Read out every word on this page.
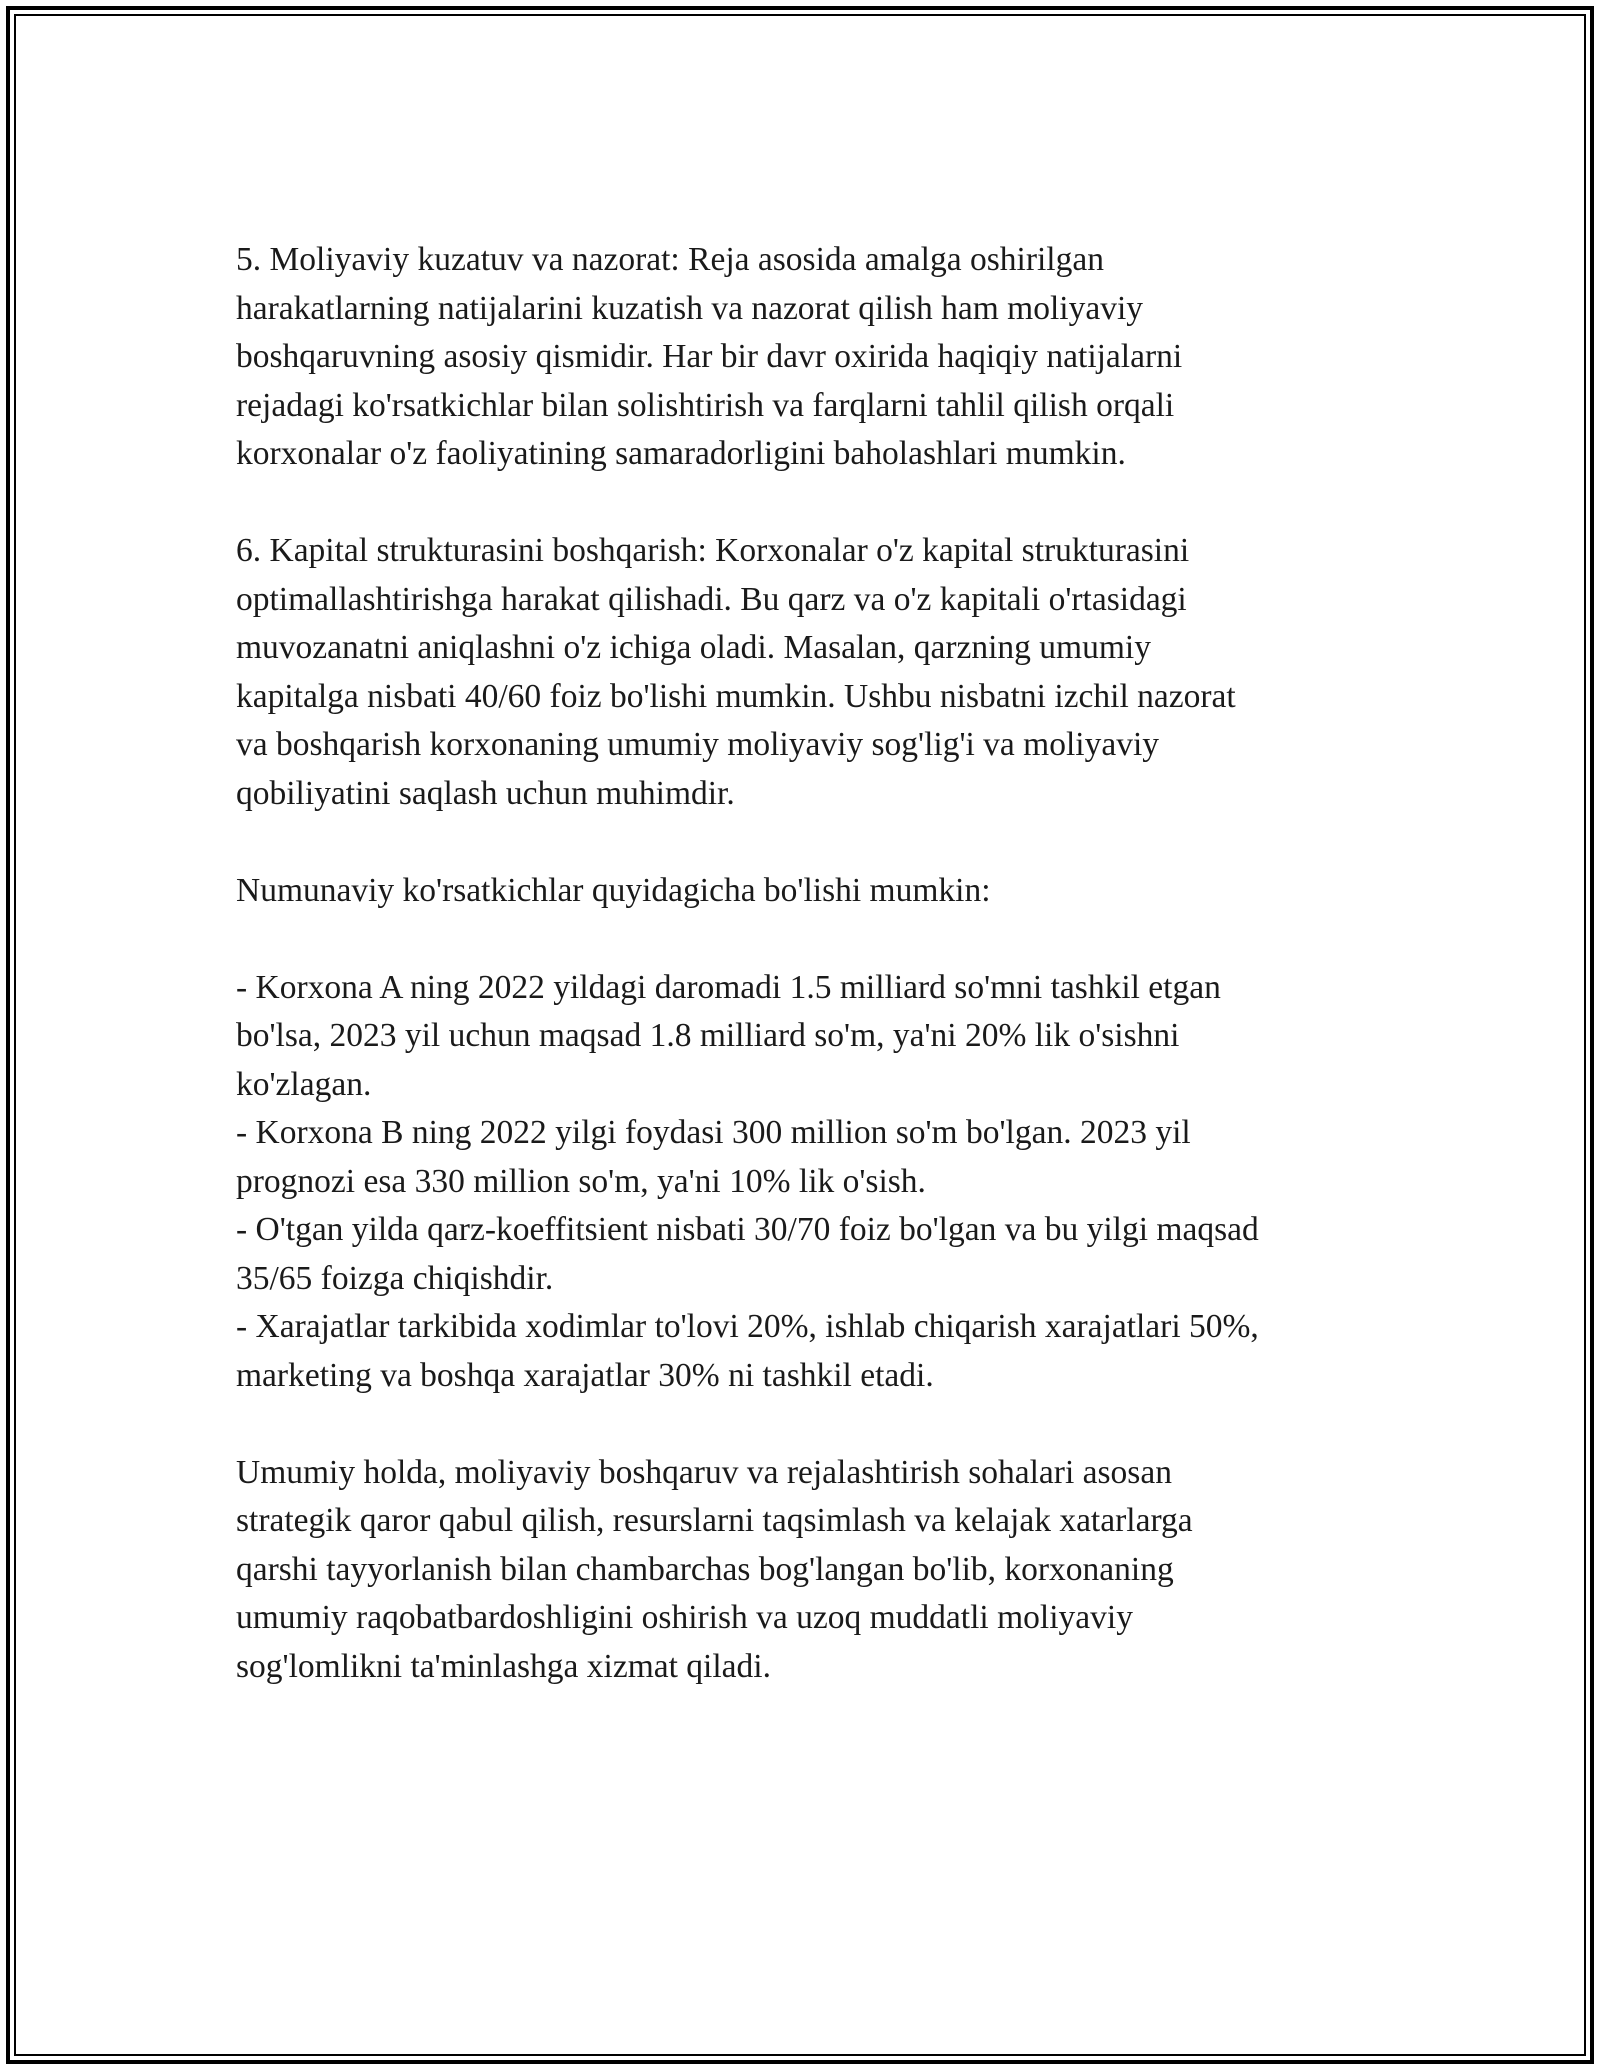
5. Moliyaviy kuzatuv va nazorat: Reja asosida amalga oshirilgan
harakatlarning natijalarini kuzatish va nazorat qilish ham moliyaviy
boshqaruvning asosiy qismidir. Har bir davr oxirida haqiqiy natijalarni
rejadagi ko'rsatkichlar bilan solishtirish va farqlarni tahlil qilish orqali
korxonalar o'z faoliyatining samaradorligini baholashlari mumkin.

6. Kapital strukturasini boshqarish: Korxonalar o'z kapital strukturasini
optimallashtirishga harakat qilishadi. Bu qarz va o'z kapitali o'rtasidagi
muvozanatni aniqlashni o'z ichiga oladi. Masalan, qarzning umumiy
kapitalga nisbati 40/60 foiz bo'lishi mumkin. Ushbu nisbatni izchil nazorat
va boshqarish korxonaning umumiy moliyaviy sog'lig'i va moliyaviy
qobiliyatini saqlash uchun muhimdir.

Numunaviy ko'rsatkichlar quyidagicha bo'lishi mumkin:

- Korxona A ning 2022 yildagi daromadi 1.5 milliard so'mni tashkil etgan
bo'lsa, 2023 yil uchun maqsad 1.8 milliard so'm, ya'ni 20% lik o'sishni
ko'zlagan.
- Korxona B ning 2022 yilgi foydasi 300 million so'm bo'lgan. 2023 yil
prognozi esa 330 million so'm, ya'ni 10% lik o'sish.
- O'tgan yilda qarz-koeffitsient nisbati 30/70 foiz bo'lgan va bu yilgi maqsad
35/65 foizga chiqishdir.
- Xarajatlar tarkibida xodimlar to'lovi 20%, ishlab chiqarish xarajatlari 50%,
marketing va boshqa xarajatlar 30% ni tashkil etadi.

Umumiy holda, moliyaviy boshqaruv va rejalashtirish sohalari asosan
strategik qaror qabul qilish, resurslarni taqsimlash va kelajak xatarlarga
qarshi tayyorlanish bilan chambarchas bog'langan bo'lib, korxonaning
umumiy raqobatbardoshligini oshirish va uzoq muddatli moliyaviy
sog'lomlikni ta'minlashga xizmat qiladi.
